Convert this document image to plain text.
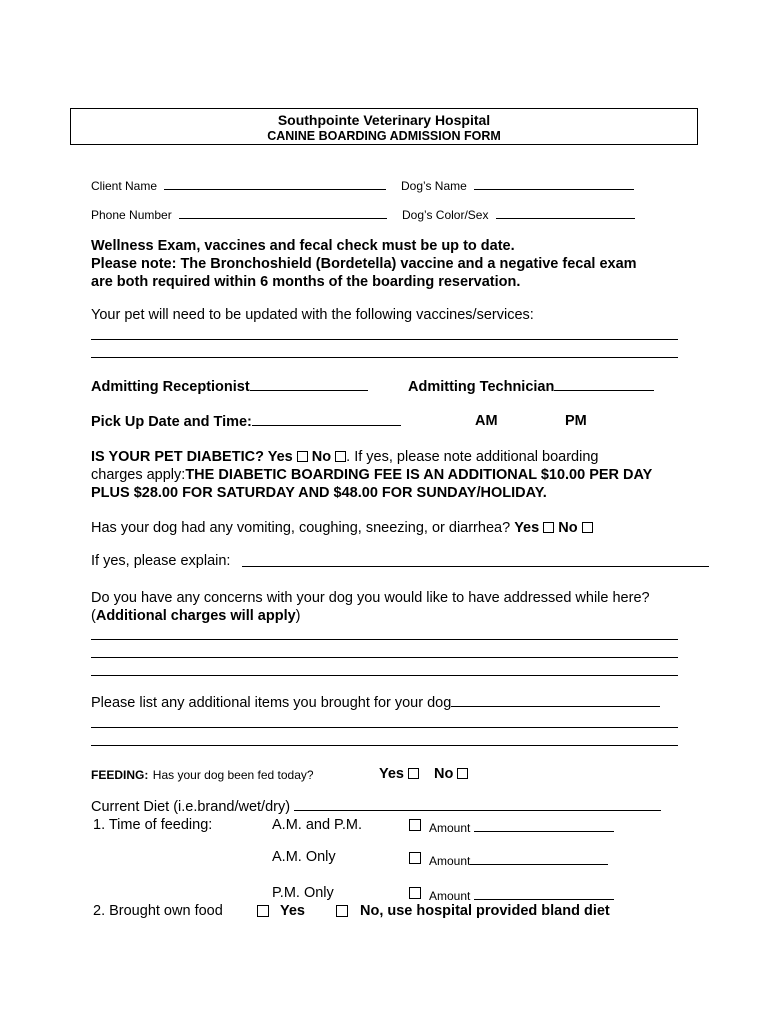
Southpointe Veterinary Hospital
CANINE BOARDING ADMISSION FORM
Client Name	Dog’s Name
Phone Number	Dog’s Color/Sex
Wellness Exam, vaccines and fecal check must be up to date.
Please note: The Bronchoshield (Bordetella) vaccine and a negative fecal exam
are both required within 6 months of the boarding reservation.
Your pet will need to be updated with the following vaccines/services:
Admitting Receptionist	Admitting Technician
Pick Up Date and Time:	AM	PM
IS YOUR PET DIABETIC? Yes No . If yes, please note additional boarding
charges apply:THE DIABETIC BOARDING FEE IS AN ADDITIONAL $10.00 PER DAY
PLUS $28.00 FOR SATURDAY AND $48.00 FOR SUNDAY/HOLIDAY.
Has your dog had any vomiting, coughing, sneezing, or diarrhea? Yes No
If yes, please explain:
Do you have any concerns with your dog you would like to have addressed while here?
(Additional charges will apply)
Please list any additional items you brought for your dog
FEEDING: Has your dog been fed today?	Yes	No
Current Diet (i.e.brand/wet/dry)
1. Time of feeding:	A.M. and P.M.	Amount
A.M. Only	Amount
P.M. Only	Amount
2. Brought own food	Yes	No, use hospital provided bland diet
